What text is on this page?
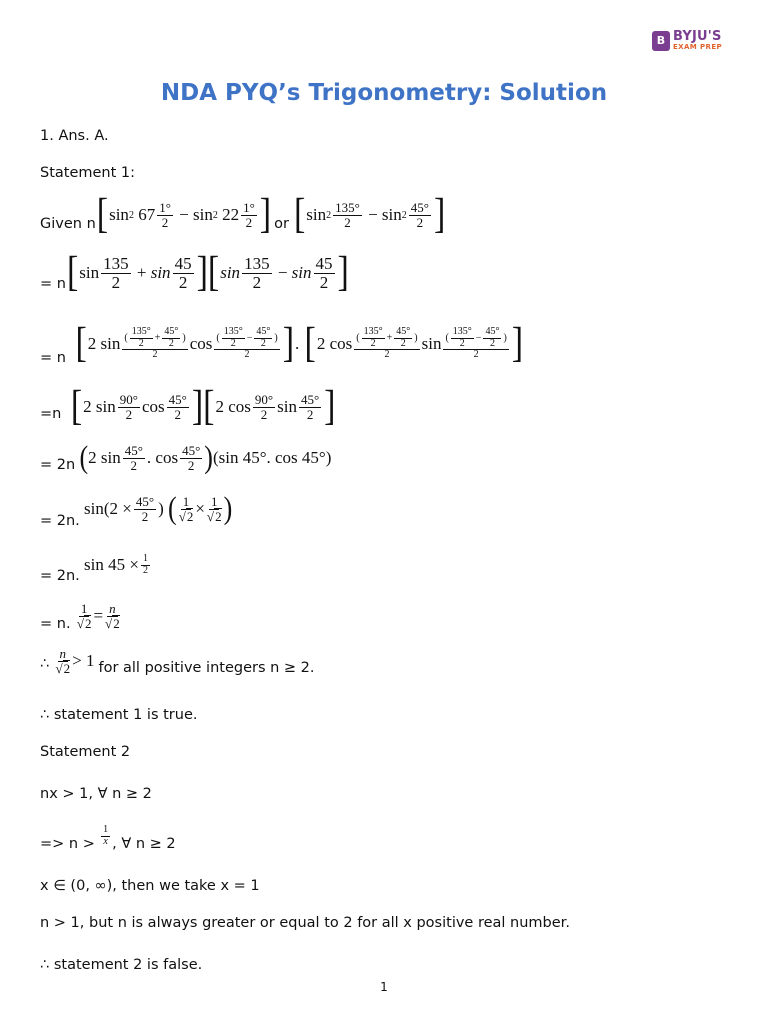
B BYJU'S
EXAM PREP
NDA PYQ’s Trigonometry: Solution
1. Ans. A.
Statement 1:
Given n [ sin 2 $67 \frac{1^\circ}{2} - \sin 2$ $22 \frac{1^\circ}{2}$ ] or [ $\sin 2 \frac{135^\circ}{2} - \sin 2 \frac{45^\circ}{2}$ ]
= n [ $\sin \frac{135}{2} + \sin \frac{45}{2}$ ][ $\sin \frac{135}{2} - \sin \frac{45}{2}$ ]
= n [ 2 $\sin \frac{( \frac{135^\circ}{2} + \frac{45^\circ}{2} )}{2}$ $\cos \frac{( \frac{135^\circ}{2} - \frac{45^\circ}{2} )}{2}$ ] . [ 2 $\cos \frac{( \frac{135^\circ}{2} + \frac{45^\circ}{2} )}{2}$ $\sin \frac{( \frac{135^\circ}{2} - \frac{45^\circ}{2} )}{2}$ ]
=n [ 2 $\sin \frac{90^\circ}{2}$ $\cos \frac{45^\circ}{2}$ ][ 2 $\cos \frac{90^\circ}{2}$ $\sin \frac{45^\circ}{2}$ ]
= 2n
( 2 $\sin \frac{45^\circ}{2}$ . $\cos \frac{45^\circ}{2}$ ) (sin 45°. cos 45°)
= 2n.
$\sin(2 \times \frac{45^\circ}{2}$ ) ( $\frac{1}{√2} \times \frac{1}{√2}$ )
= 2n.
$\sin 45 \times \frac{1}{2}$
= n.
$\frac{1}{√2} = \frac{n}{√2}$
∴
$\frac{n}{√2} > 1$ for all positive integers n ≥ 2.
∴ statement 1 is true.
Statement 2
nx > 1, ∀ n ≥ 2
=> n >
$\frac{1}{x}$ , ∀ n ≥ 2
x ∈ (0, ∞), then we take x = 1
n > 1, but n is always greater or equal to 2 for all x positive real number.
∴ statement 2 is false.
1
